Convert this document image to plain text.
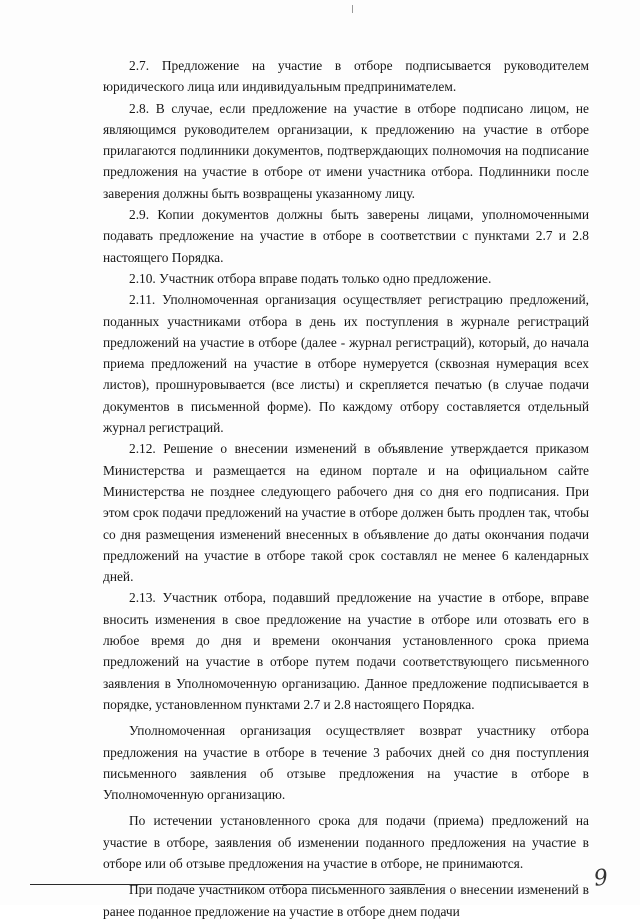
2.7. Предложение на участие в отборе подписывается руководителем юридического лица или индивидуальным предпринимателем.

2.8. В случае, если предложение на участие в отборе подписано лицом, не являющимся руководителем организации, к предложению на участие в отборе прилагаются подлинники документов, подтверждающих полномочия на подписание предложения на участие в отборе от имени участника отбора. Подлинники после заверения должны быть возвращены указанному лицу.

2.9. Копии документов должны быть заверены лицами, уполномоченными подавать предложение на участие в отборе в соответствии с пунктами 2.7 и 2.8 настоящего Порядка.

2.10. Участник отбора вправе подать только одно предложение.

2.11. Уполномоченная организация осуществляет регистрацию предложений, поданных участниками отбора в день их поступления в журнале регистраций предложений на участие в отборе (далее - журнал регистраций), который, до начала приема предложений на участие в отборе нумеруется (сквозная нумерация всех листов), прошнуровывается (все листы) и скрепляется печатью (в случае подачи документов в письменной форме). По каждому отбору составляется отдельный журнал регистраций.

2.12. Решение о внесении изменений в объявление утверждается приказом Министерства и размещается на едином портале и на официальном сайте Министерства не позднее следующего рабочего дня со дня его подписания. При этом срок подачи предложений на участие в отборе должен быть продлен так, чтобы со дня размещения изменений внесенных в объявление до даты окончания подачи предложений на участие в отборе такой срок составлял не менее 6 календарных дней.

2.13. Участник отбора, подавший предложение на участие в отборе, вправе вносить изменения в свое предложение на участие в отборе или отозвать его в любое время до дня и времени окончания установленного срока приема предложений на участие в отборе путем подачи соответствующего письменного заявления в Уполномоченную организацию. Данное предложение подписывается в порядке, установленном пунктами 2.7 и 2.8 настоящего Порядка.

Уполномоченная организация осуществляет возврат участнику отбора предложения на участие в отборе в течение 3 рабочих дней со дня поступления письменного заявления об отзыве предложения на участие в отборе в Уполномоченную организацию.

По истечении установленного срока для подачи (приема) предложений на участие в отборе, заявления об изменении поданного предложения на участие в отборе или об отзыве предложения на участие в отборе, не принимаются.

При подаче участником отбора письменного заявления о внесении изменений в ранее поданное предложение на участие в отборе днем подачи

9
